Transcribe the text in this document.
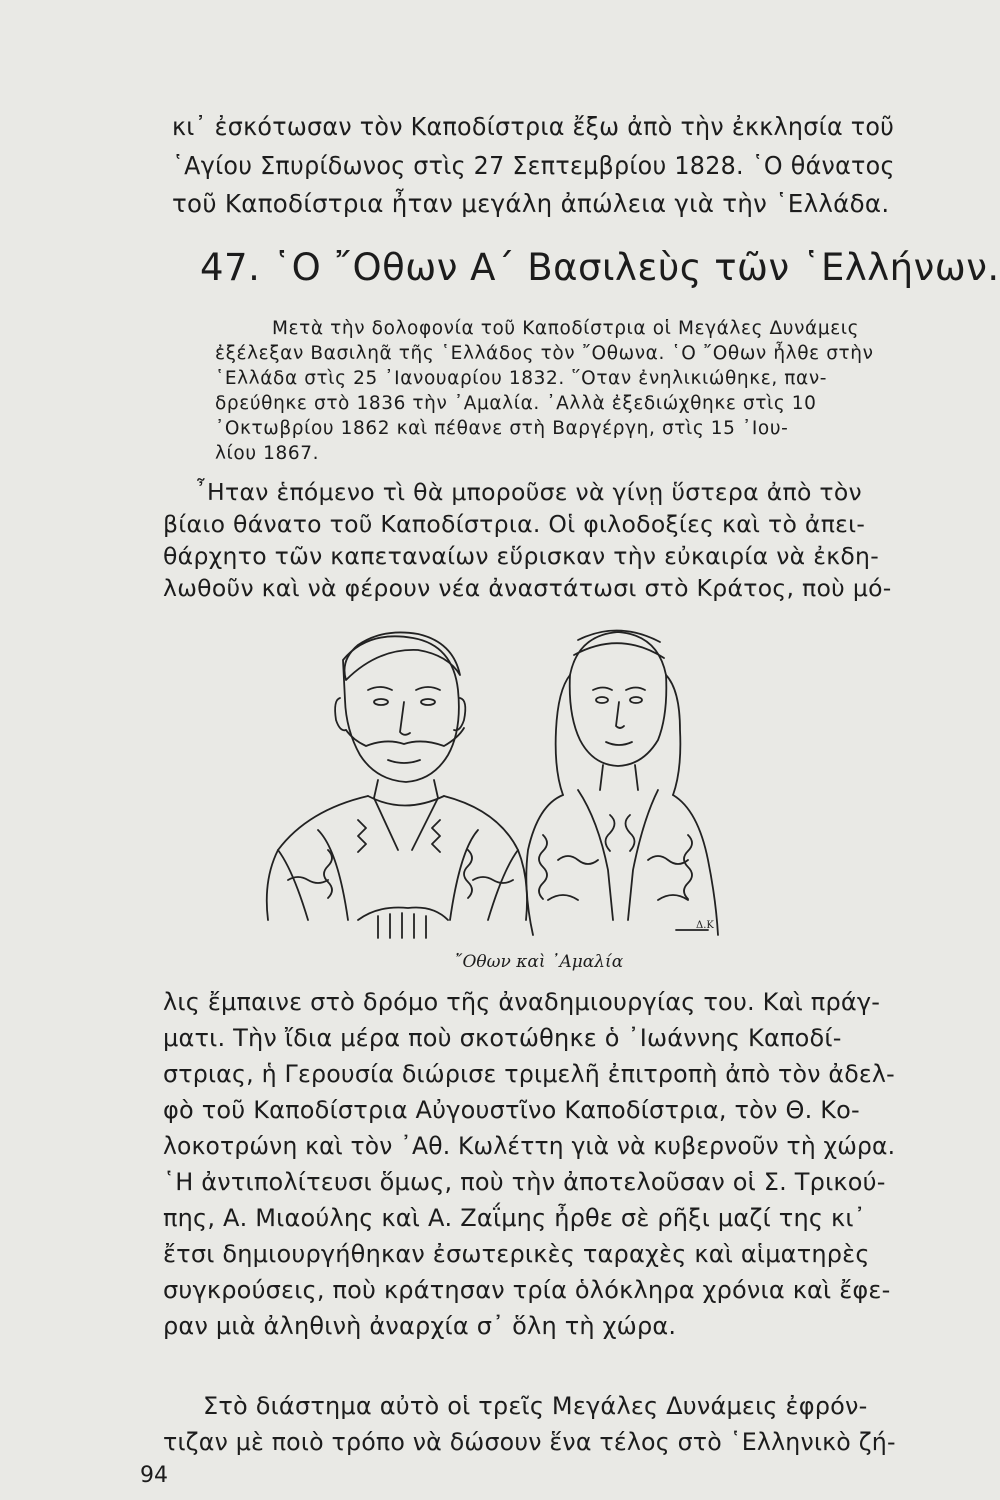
κι᾽ ἐσκότωσαν τὸν Καποδίστρια ἔξω ἀπὸ τὴν ἐκκλησία τοῦ
῾Αγίου Σπυρίδωνος στὶς 27 Σεπτεμβρίου 1828. ῾Ο θάνατος
τοῦ Καποδίστρια ἦταν μεγάλη ἀπώλεια γιὰ τὴν ῾Ελλάδα.
47. ῾Ο ῎Οθων Α΄ Βασιλεὺς τῶν ῾Ελλήνων.
Μετὰ τὴν δολοφονία τοῦ Καποδίστρια οἱ Μεγάλες Δυνάμεις
ἐξέλεξαν Βασιληᾶ τῆς ῾Ελλάδος τὸν ῎Οθωνα. ῾Ο ῎Οθων ἦλθε στὴν
῾Ελλάδα στὶς 25 ᾿Ιανουαρίου 1832. ῞Οταν ἐνηλικιώθηκε, παν-
δρεύθηκε στὸ 1836 τὴν ᾿Αμαλία. ᾿Αλλὰ ἐξεδιώχθηκε στὶς 10
᾿Οκτωβρίου 1862 καὶ πέθανε στὴ Βαργέργη, στὶς 15 ᾿Ιου-
λίου 1867.
῏Ηταν ἑπόμενο τὶ θὰ μποροῦσε νὰ γίνῃ ὕστερα ἀπὸ τὸν
βίαιο θάνατο τοῦ Καποδίστρια. Οἱ φιλοδοξίες καὶ τὸ ἀπει-
θάρχητο τῶν καπεταναίων εὕρισκαν τὴν εὐκαιρία νὰ ἐκδη-
λωθοῦν καὶ νὰ φέρουν νέα ἀναστάτωσι στὸ Κράτος, ποὺ μό-
Δ.Κ
῎Οθων καὶ ᾿Αμαλία
λις ἔμπαινε στὸ δρόμο τῆς ἀναδημιουργίας του. Καὶ πράγ-
ματι. Τὴν ἴδια μέρα ποὺ σκοτώθηκε ὁ ᾿Ιωάννης Καποδί-
στριας, ἡ Γερουσία διώρισε τριμελῆ ἐπιτροπὴ ἀπὸ τὸν ἀδελ-
φὸ τοῦ Καποδίστρια Αὐγουστῖνο Καποδίστρια, τὸν Θ. Κο-
λοκοτρώνη καὶ τὸν ᾿Αθ. Κωλέττη γιὰ νὰ κυβερνοῦν τὴ χώρα.
῾Η ἀντιπολίτευσι ὅμως, ποὺ τὴν ἀποτελοῦσαν οἱ Σ. Τρικού-
πης, Α. Μιαούλης καὶ Α. Ζαΐμης ἦρθε σὲ ρῆξι μαζί της κι᾽
ἔτσι δημιουργήθηκαν ἐσωτερικὲς ταραχὲς καὶ αἱματηρὲς
συγκρούσεις, ποὺ κράτησαν τρία ὁλόκληρα χρόνια καὶ ἔφε-
ραν μιὰ ἀληθινὴ ἀναρχία σ᾽ ὅλη τὴ χώρα.
Στὸ διάστημα αὐτὸ οἱ τρεῖς Μεγάλες Δυνάμεις ἐφρόν-
τιζαν μὲ ποιὸ τρόπο νὰ δώσουν ἕνα τέλος στὸ ῾Ελληνικὸ ζή-
94
